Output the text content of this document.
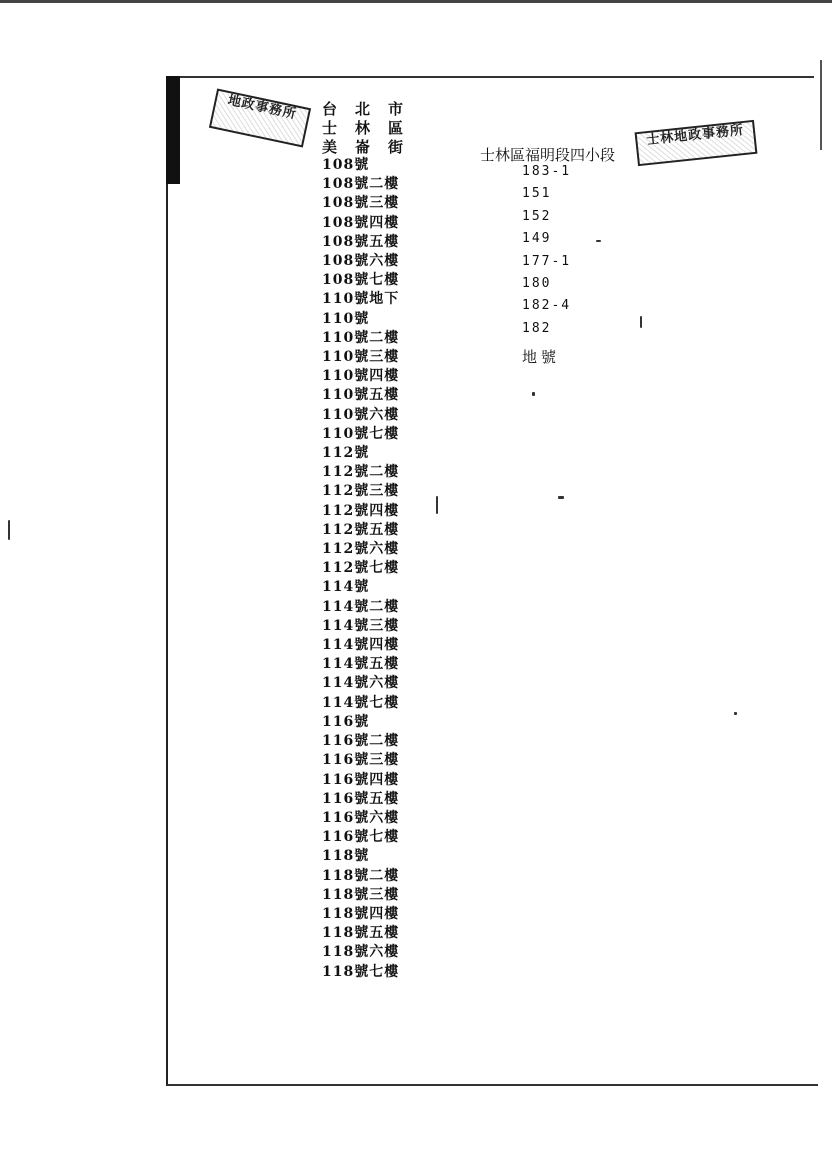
地政事務所	台北市
士林區
美崙街
108號
108號二樓
108號三樓
108號四樓
108號五樓
108號六樓
108號七樓
110號地下
110號
110號二樓
110號三樓
110號四樓
110號五樓
110號六樓
110號七樓
112號
112號二樓
112號三樓
112號四樓
112號五樓
112號六樓
112號七樓
114號
114號二樓
114號三樓
114號四樓
114號五樓
114號六樓
114號七樓
116號
116號二樓
116號三樓
116號四樓
116號五樓
116號六樓
116號七樓
118號
118號二樓
118號三樓
118號四樓
118號五樓
118號六樓
118號七樓
士林區福明段四小段
士林地政事務所
183-1
151
152
149
177-1
180
182-4
182
地號
